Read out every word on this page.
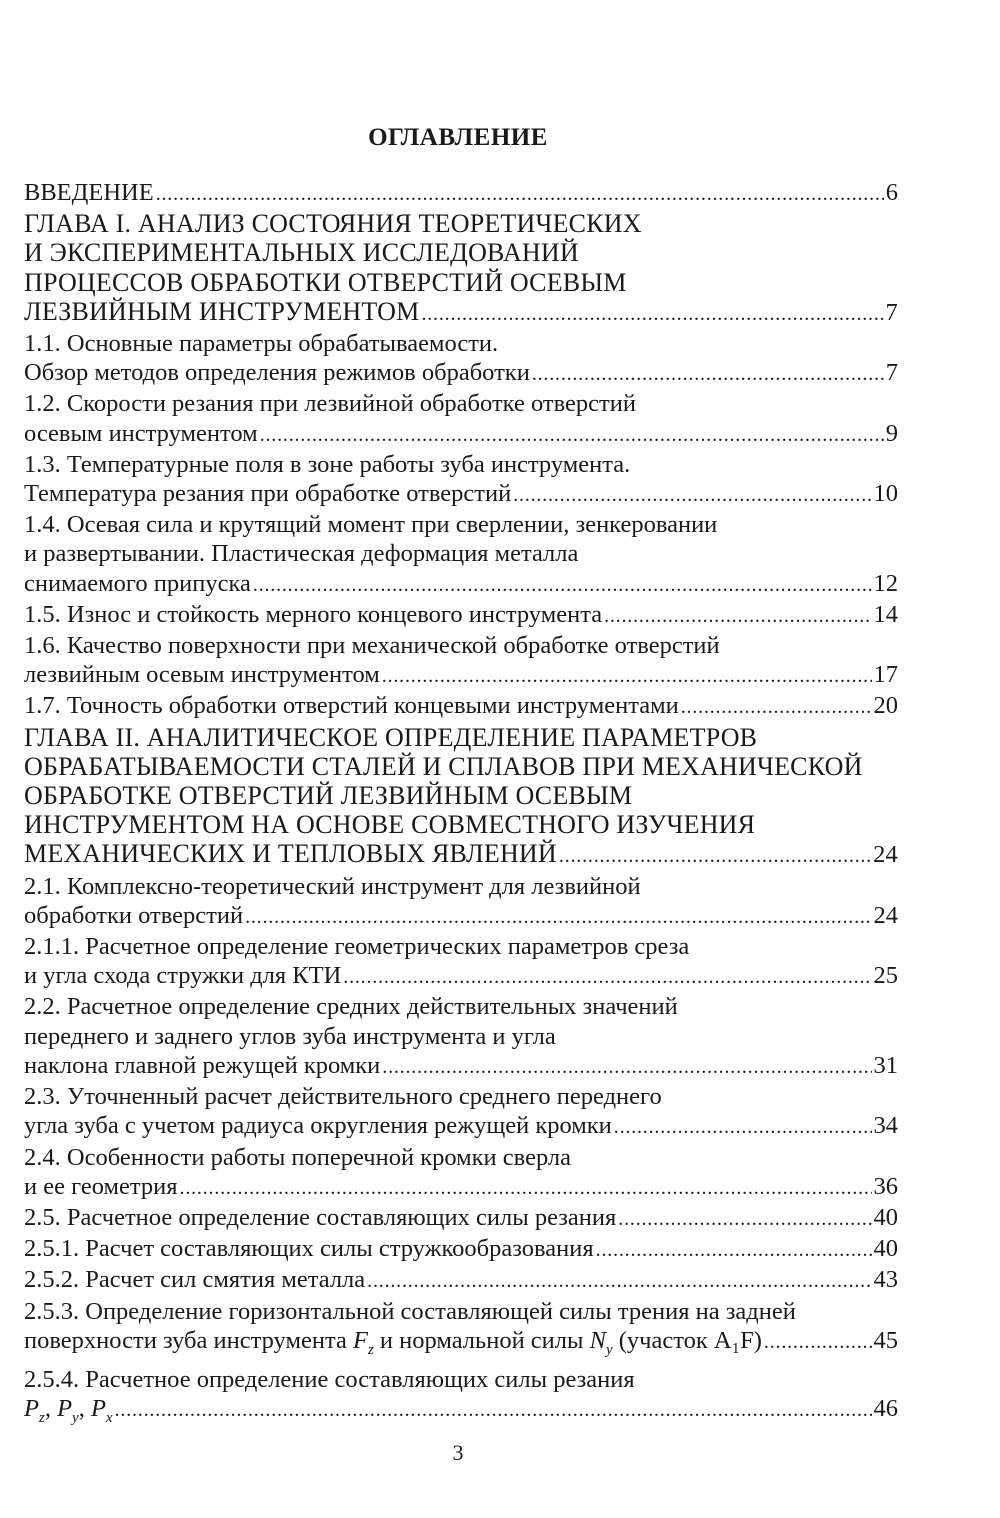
ОГЛАВЛЕНИЕ
ВВЕДЕНИЕ . . .	6
ГЛАВА I. АНАЛИЗ СОСТОЯНИЯ ТЕОРЕТИЧЕСКИХ
И ЭКСПЕРИМЕНТАЛЬНЫХ ИССЛЕДОВАНИЙ
ПРОЦЕССОВ ОБРАБОТКИ ОТВЕРСТИЙ ОСЕВЫМ
ЛЕЗВИЙНЫМ ИНСТРУМЕНТОМ . . .	7
1.1. Основные параметры обрабатываемости.
Обзор методов определения режимов обработки . . .	7
1.2. Скорости резания при лезвийной обработке отверстий
осевым инструментом . . .	9
1.3. Температурные поля в зоне работы зуба инструмента.
Температура резания при обработке отверстий . . .	10
1.4. Осевая сила и крутящий момент при сверлении, зенкеровании
и развертывании. Пластическая деформация металла
снимаемого припуска . . .	12
1.5. Износ и стойкость мерного концевого инструмента . . .	14
1.6. Качество поверхности при механической обработке отверстий
лезвийным осевым инструментом . . .	17
1.7. Точность обработки отверстий концевыми инструментами . . .	20
ГЛАВА II. АНАЛИТИЧЕСКОЕ ОПРЕДЕЛЕНИЕ ПАРАМЕТРОВ
ОБРАБАТЫВАЕМОСТИ СТАЛЕЙ И СПЛАВОВ ПРИ МЕХАНИЧЕСКОЙ
ОБРАБОТКЕ ОТВЕРСТИЙ ЛЕЗВИЙНЫМ ОСЕВЫМ
ИНСТРУМЕНТОМ НА ОСНОВЕ СОВМЕСТНОГО ИЗУЧЕНИЯ
МЕХАНИЧЕСКИХ И ТЕПЛОВЫХ ЯВЛЕНИЙ . . .	24
2.1. Комплексно-теоретический инструмент для лезвийной
обработки отверстий . . .	24
2.1.1. Расчетное определение геометрических параметров среза
и угла схода стружки для КТИ . . .	25
2.2. Расчетное определение средних действительных значений
переднего и заднего углов зуба инструмента и угла
наклона главной режущей кромки . . .	31
2.3. Уточненный расчет действительного среднего переднего
угла зуба с учетом радиуса округления режущей кромки . . .	34
2.4. Особенности работы поперечной кромки сверла
и ее геометрия . . .	36
2.5. Расчетное определение составляющих силы резания . . .	40
2.5.1. Расчет составляющих силы стружкообразования . . .	40
2.5.2. Расчет сил смятия металла . . .	43
2.5.3. Определение горизонтальной составляющей силы трения на задней
поверхности зуба инструмента $F_z$ и нормальной силы $N_y$ (участок A₁F) . . .	45
2.5.4. Расчетное определение составляющих силы резания
$P_z$, $P_y$, $P_x$ . . .	46
3
